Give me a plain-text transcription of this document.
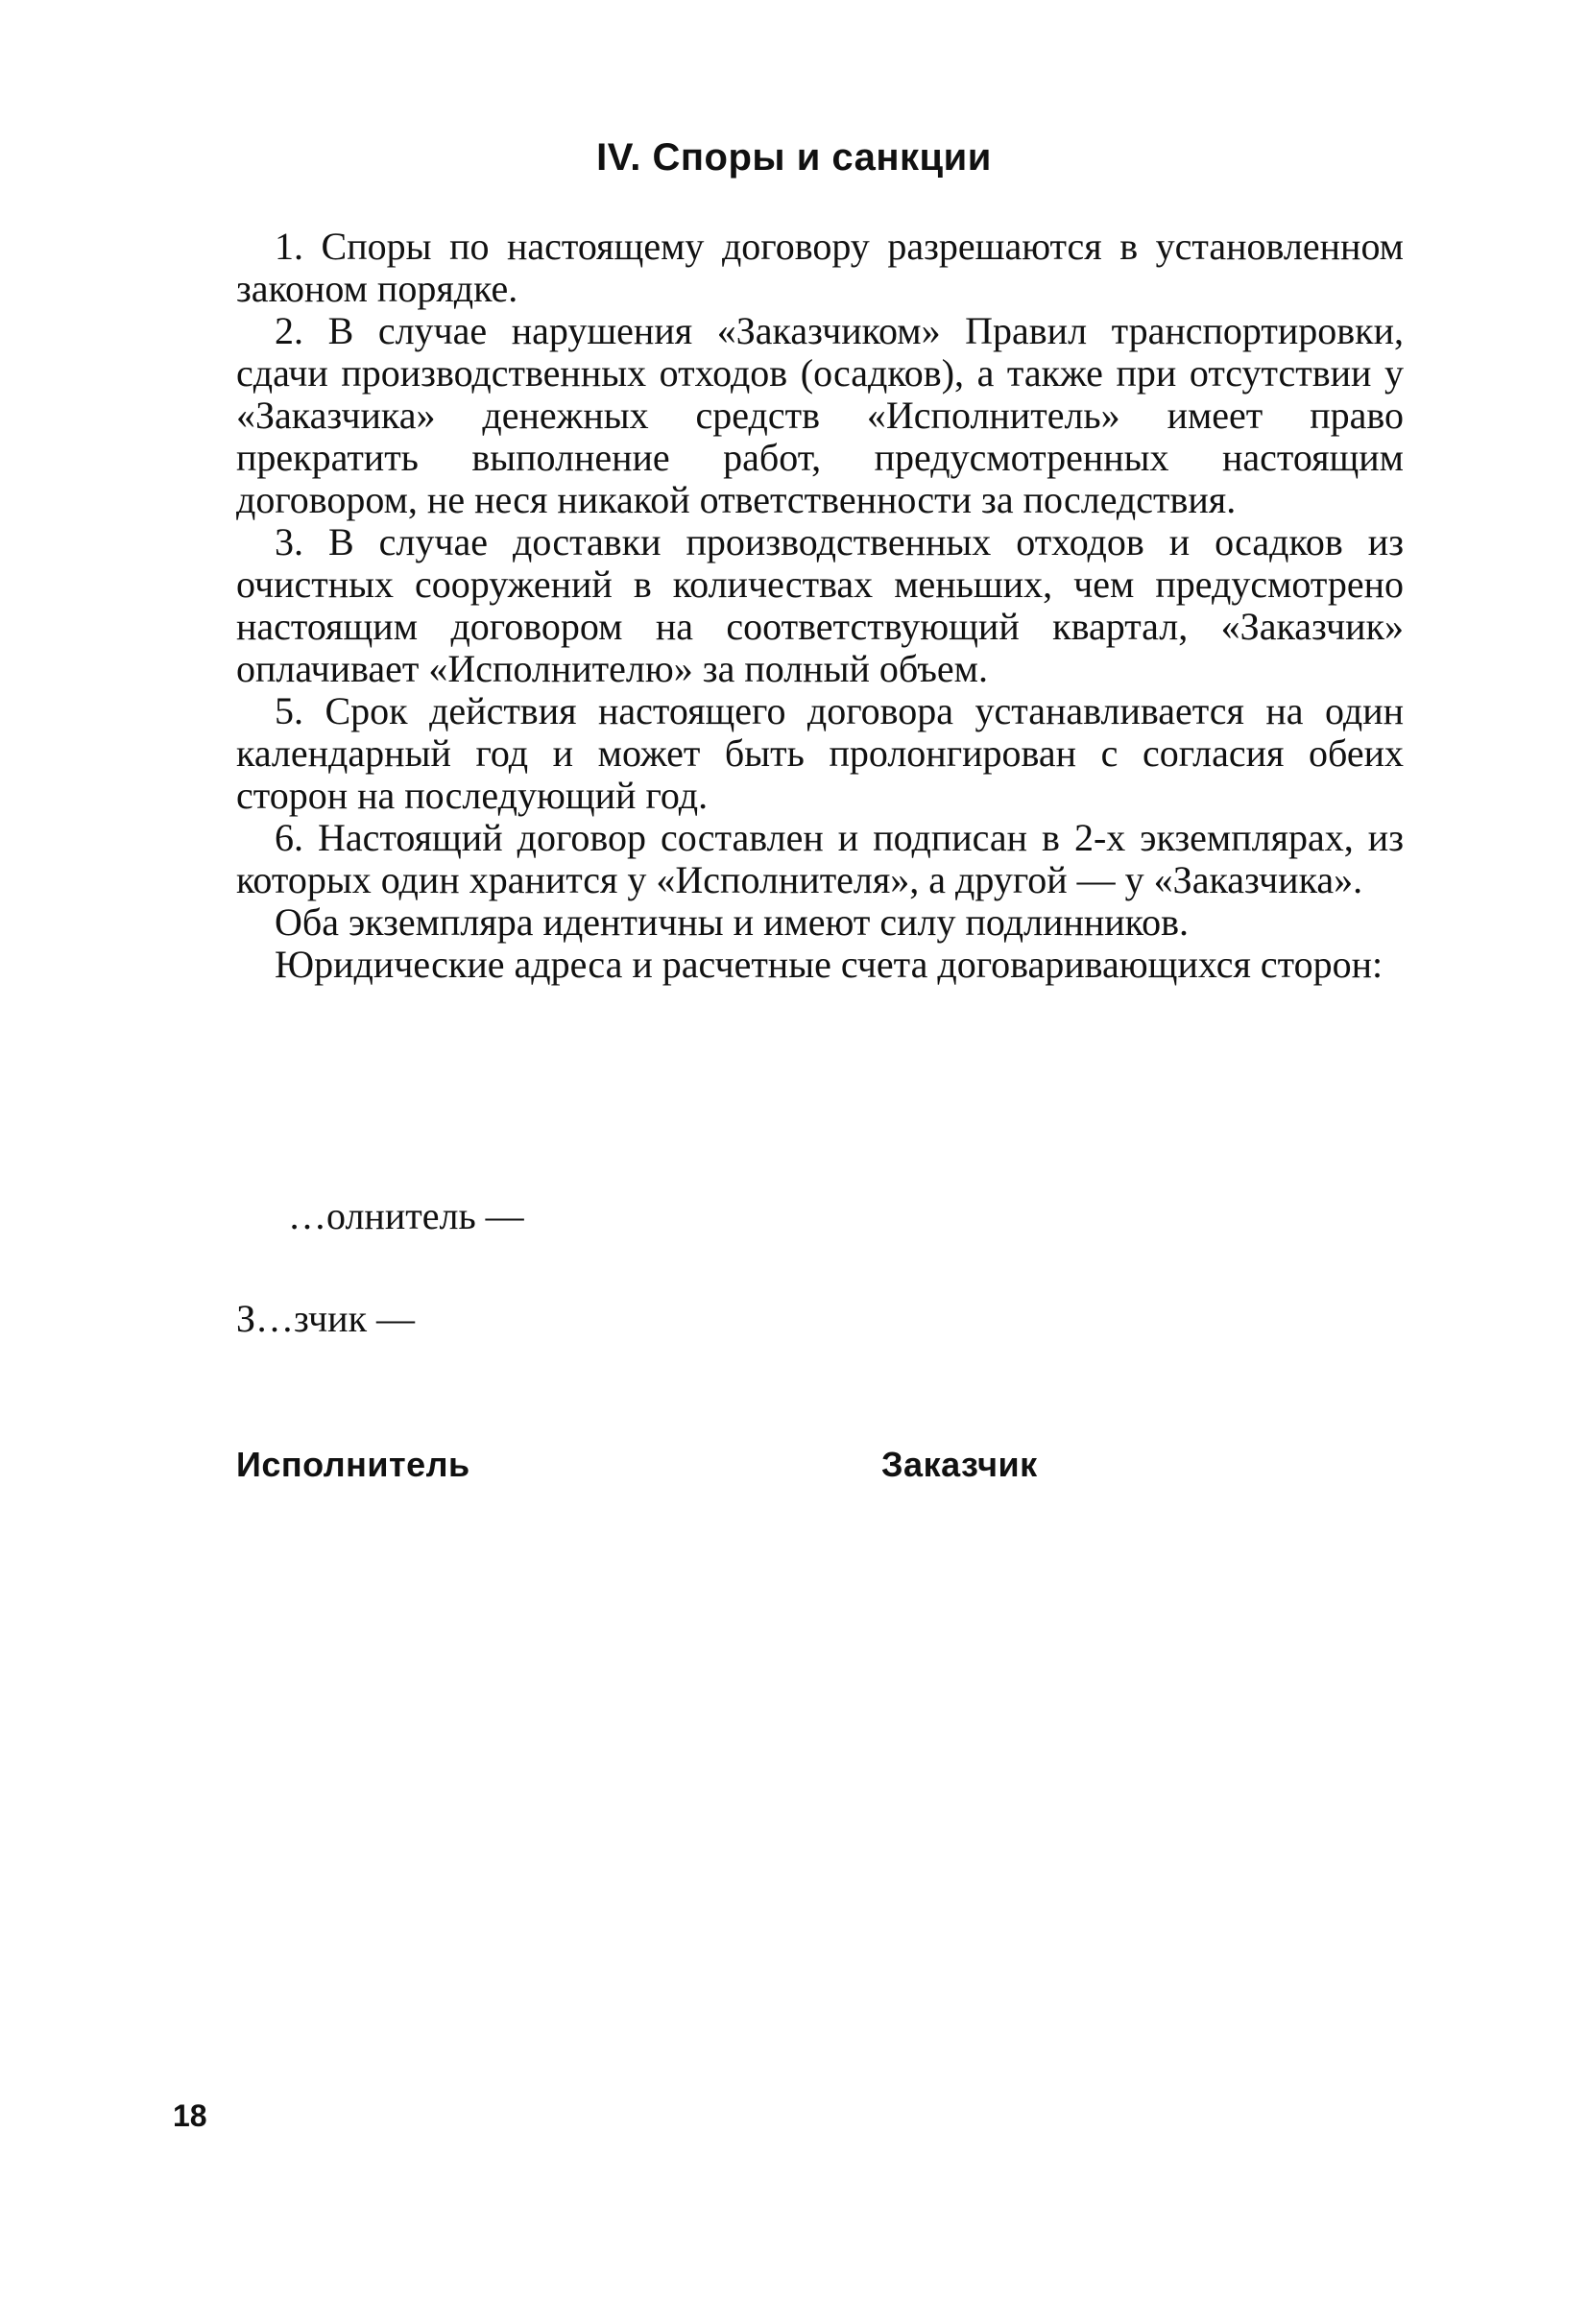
IV. Споры и санкции

1. Споры по настоящему договору разрешаются в установленном законом порядке.

2. В случае нарушения «Заказчиком» Правил транспортировки, сдачи производственных отходов (осадков), а также при отсутствии у «Заказчика» денежных средств «Исполнитель» имеет право прекратить выполнение работ, предусмотренных настоящим договором, не неся никакой ответственности за последствия.

3. В случае доставки производственных отходов и осадков из очистных сооружений в количествах меньших, чем предусмотрено настоящим договором на соответствующий квартал, «Заказчик» оплачивает «Исполнителю» за полный объем.

5. Срок действия настоящего договора устанавливается на один календарный год и может быть пролонгирован с согласия обеих сторон на последующий год.

6. Настоящий договор составлен и подписан в 2-х экземплярах, из которых один хранится у «Исполнителя», а другой — у «Заказчика».

Оба экземпляра идентичны и имеют силу подлинников.

Юридические адреса и расчетные счета договаривающихся сторон:

…олнитель —
З…зчик —
Исполнитель	Заказчик
18
